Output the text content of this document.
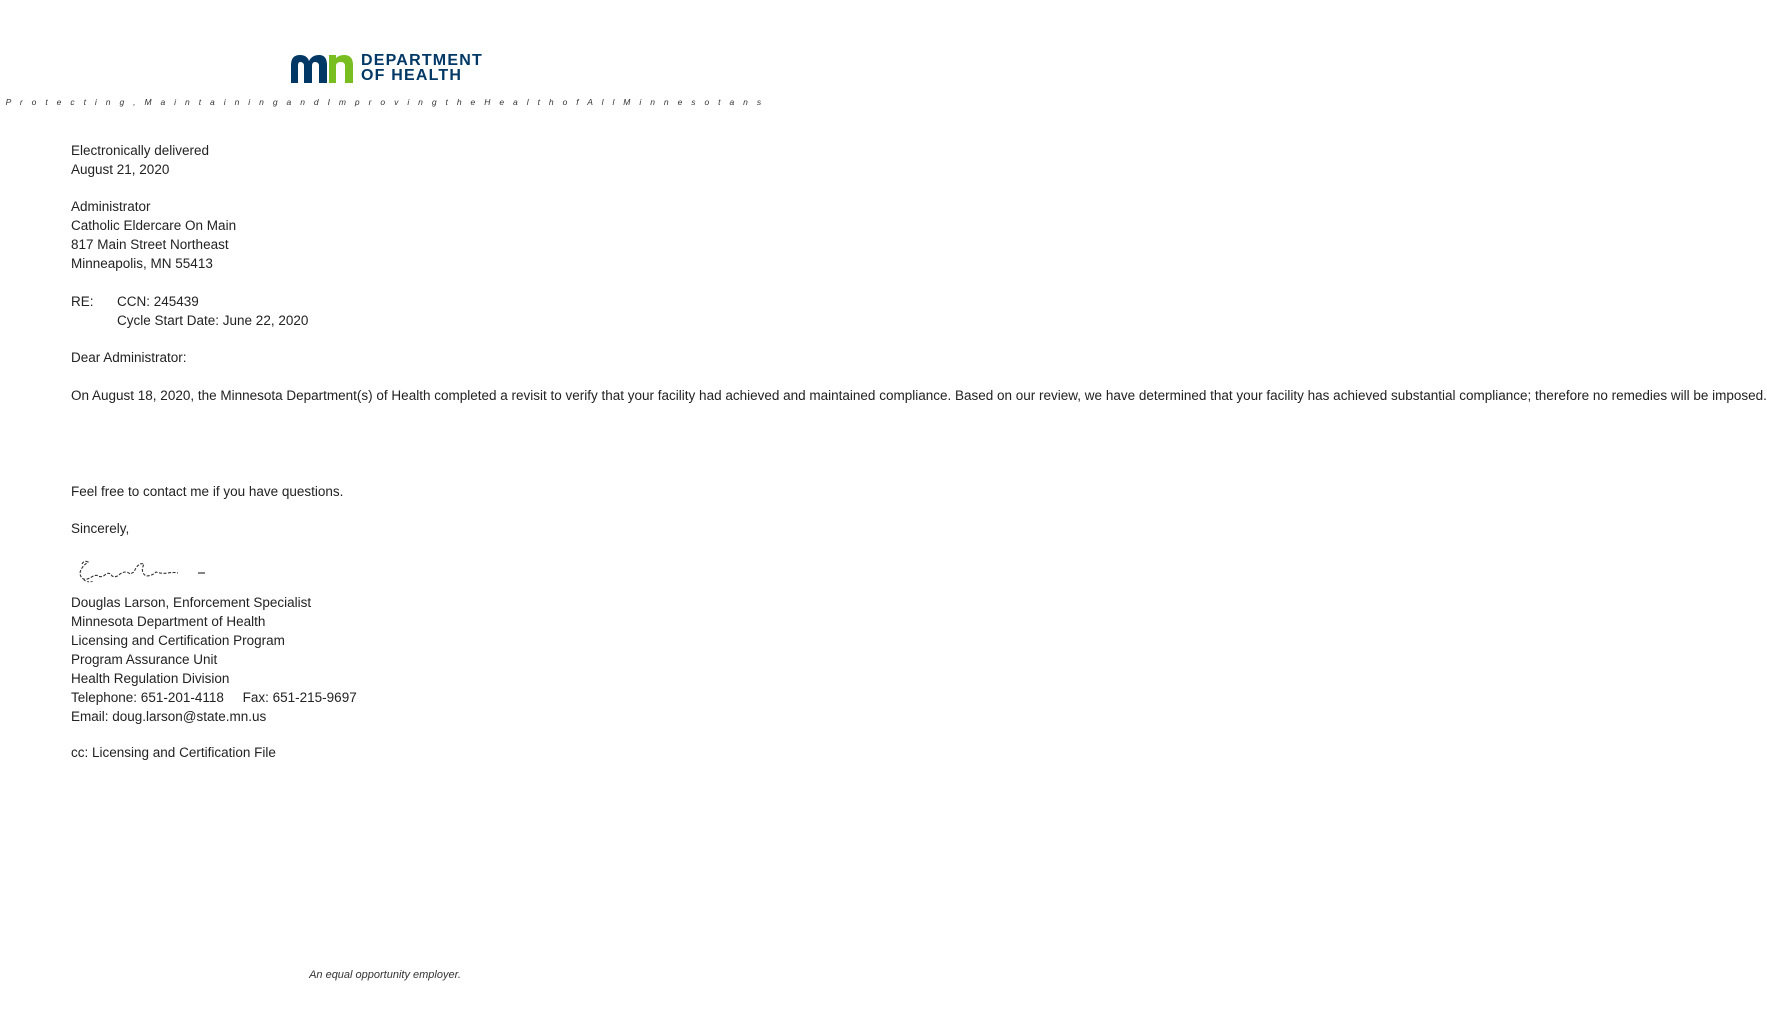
DEPARTMENT
OF HEALTH
P r o t e c t i n g , M a i n t a i n i n g a n d I m p r o v i n g t h e H e a l t h o f A l l M i n n e s o t a n s
Electronically delivered
August 21, 2020
Administrator
Catholic Eldercare On Main
817 Main Street Northeast
Minneapolis, MN 55413
RE:	CCN: 245439
Cycle Start Date: June 22, 2020
Dear Administrator:
On August 18, 2020, the Minnesota Department(s) of Health completed a revisit to verify that your facility had achieved and maintained compliance. Based on our review, we have determined that your facility has achieved substantial compliance; therefore no remedies will be imposed.
Feel free to contact me if you have questions.
Sincerely,
Douglas Larson, Enforcement Specialist
Minnesota Department of Health
Licensing and Certification Program
Program Assurance Unit
Health Regulation Division
Telephone: 651-201-4118     Fax: 651-215-9697
Email: doug.larson@state.mn.us
cc: Licensing and Certification File
An equal opportunity employer.
